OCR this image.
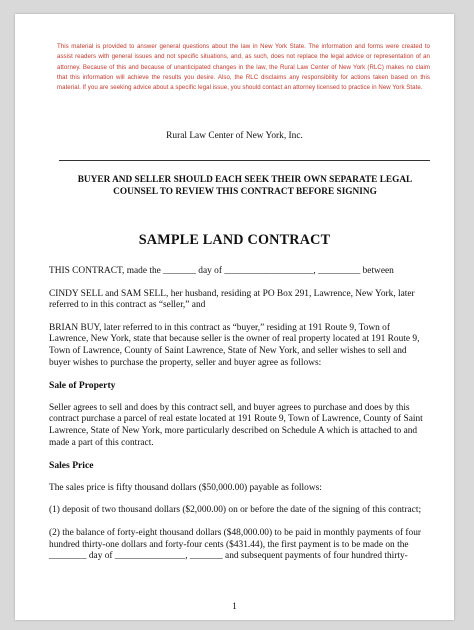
This material is provided to answer general questions about the law in New York State. The information and forms were created to assist readers with general issues and not specific situations, and, as such, does not replace the legal advice or representation of an attorney. Because of this and because of unanticipated changes in the law, the Rural Law Center of New York (RLC) makes no claim that this information will achieve the results you desire. Also, the RLC disclaims any responsibility for actions taken based on this material. If you are seeking advice about a specific legal issue, you should contact an attorney licensed to practice in New York State.
Rural Law Center of New York, Inc.
BUYER AND SELLER SHOULD EACH SEEK THEIR OWN SEPARATE LEGAL COUNSEL TO REVIEW THIS CONTRACT BEFORE SIGNING
SAMPLE LAND CONTRACT

THIS CONTRACT, made the _______ day of ___________________, _________ between

CINDY SELL and SAM SELL, her husband, residing at PO Box 291, Lawrence, New York, later referred to in this contract as “seller,” and

BRIAN BUY, later referred to in this contract as “buyer,” residing at 191 Route 9, Town of Lawrence, New York, state that because seller is the owner of real property located at 191 Route 9, Town of Lawrence, County of Saint Lawrence, State of New York, and seller wishes to sell and buyer wishes to purchase the property, seller and buyer agree as follows:

Sale of Property

Seller agrees to sell and does by this contract sell, and buyer agrees to purchase and does by this contract purchase a parcel of real estate located at 191 Route 9, Town of Lawrence, County of Saint Lawrence, State of New York, more particularly described on Schedule A which is attached to and made a part of this contract.

Sales Price

The sales price is fifty thousand dollars ($50,000.00) payable as follows:

(1) deposit of two thousand dollars ($2,000.00) on or before the date of the signing of this contract;

(2) the balance of forty-eight thousand dollars ($48,000.00) to be paid in monthly payments of four hundred thirty-one dollars and forty-four cents ($431.44), the first payment is to be made on the ________ day of _______________, _______ and subsequent payments of four hundred thirty-

1
